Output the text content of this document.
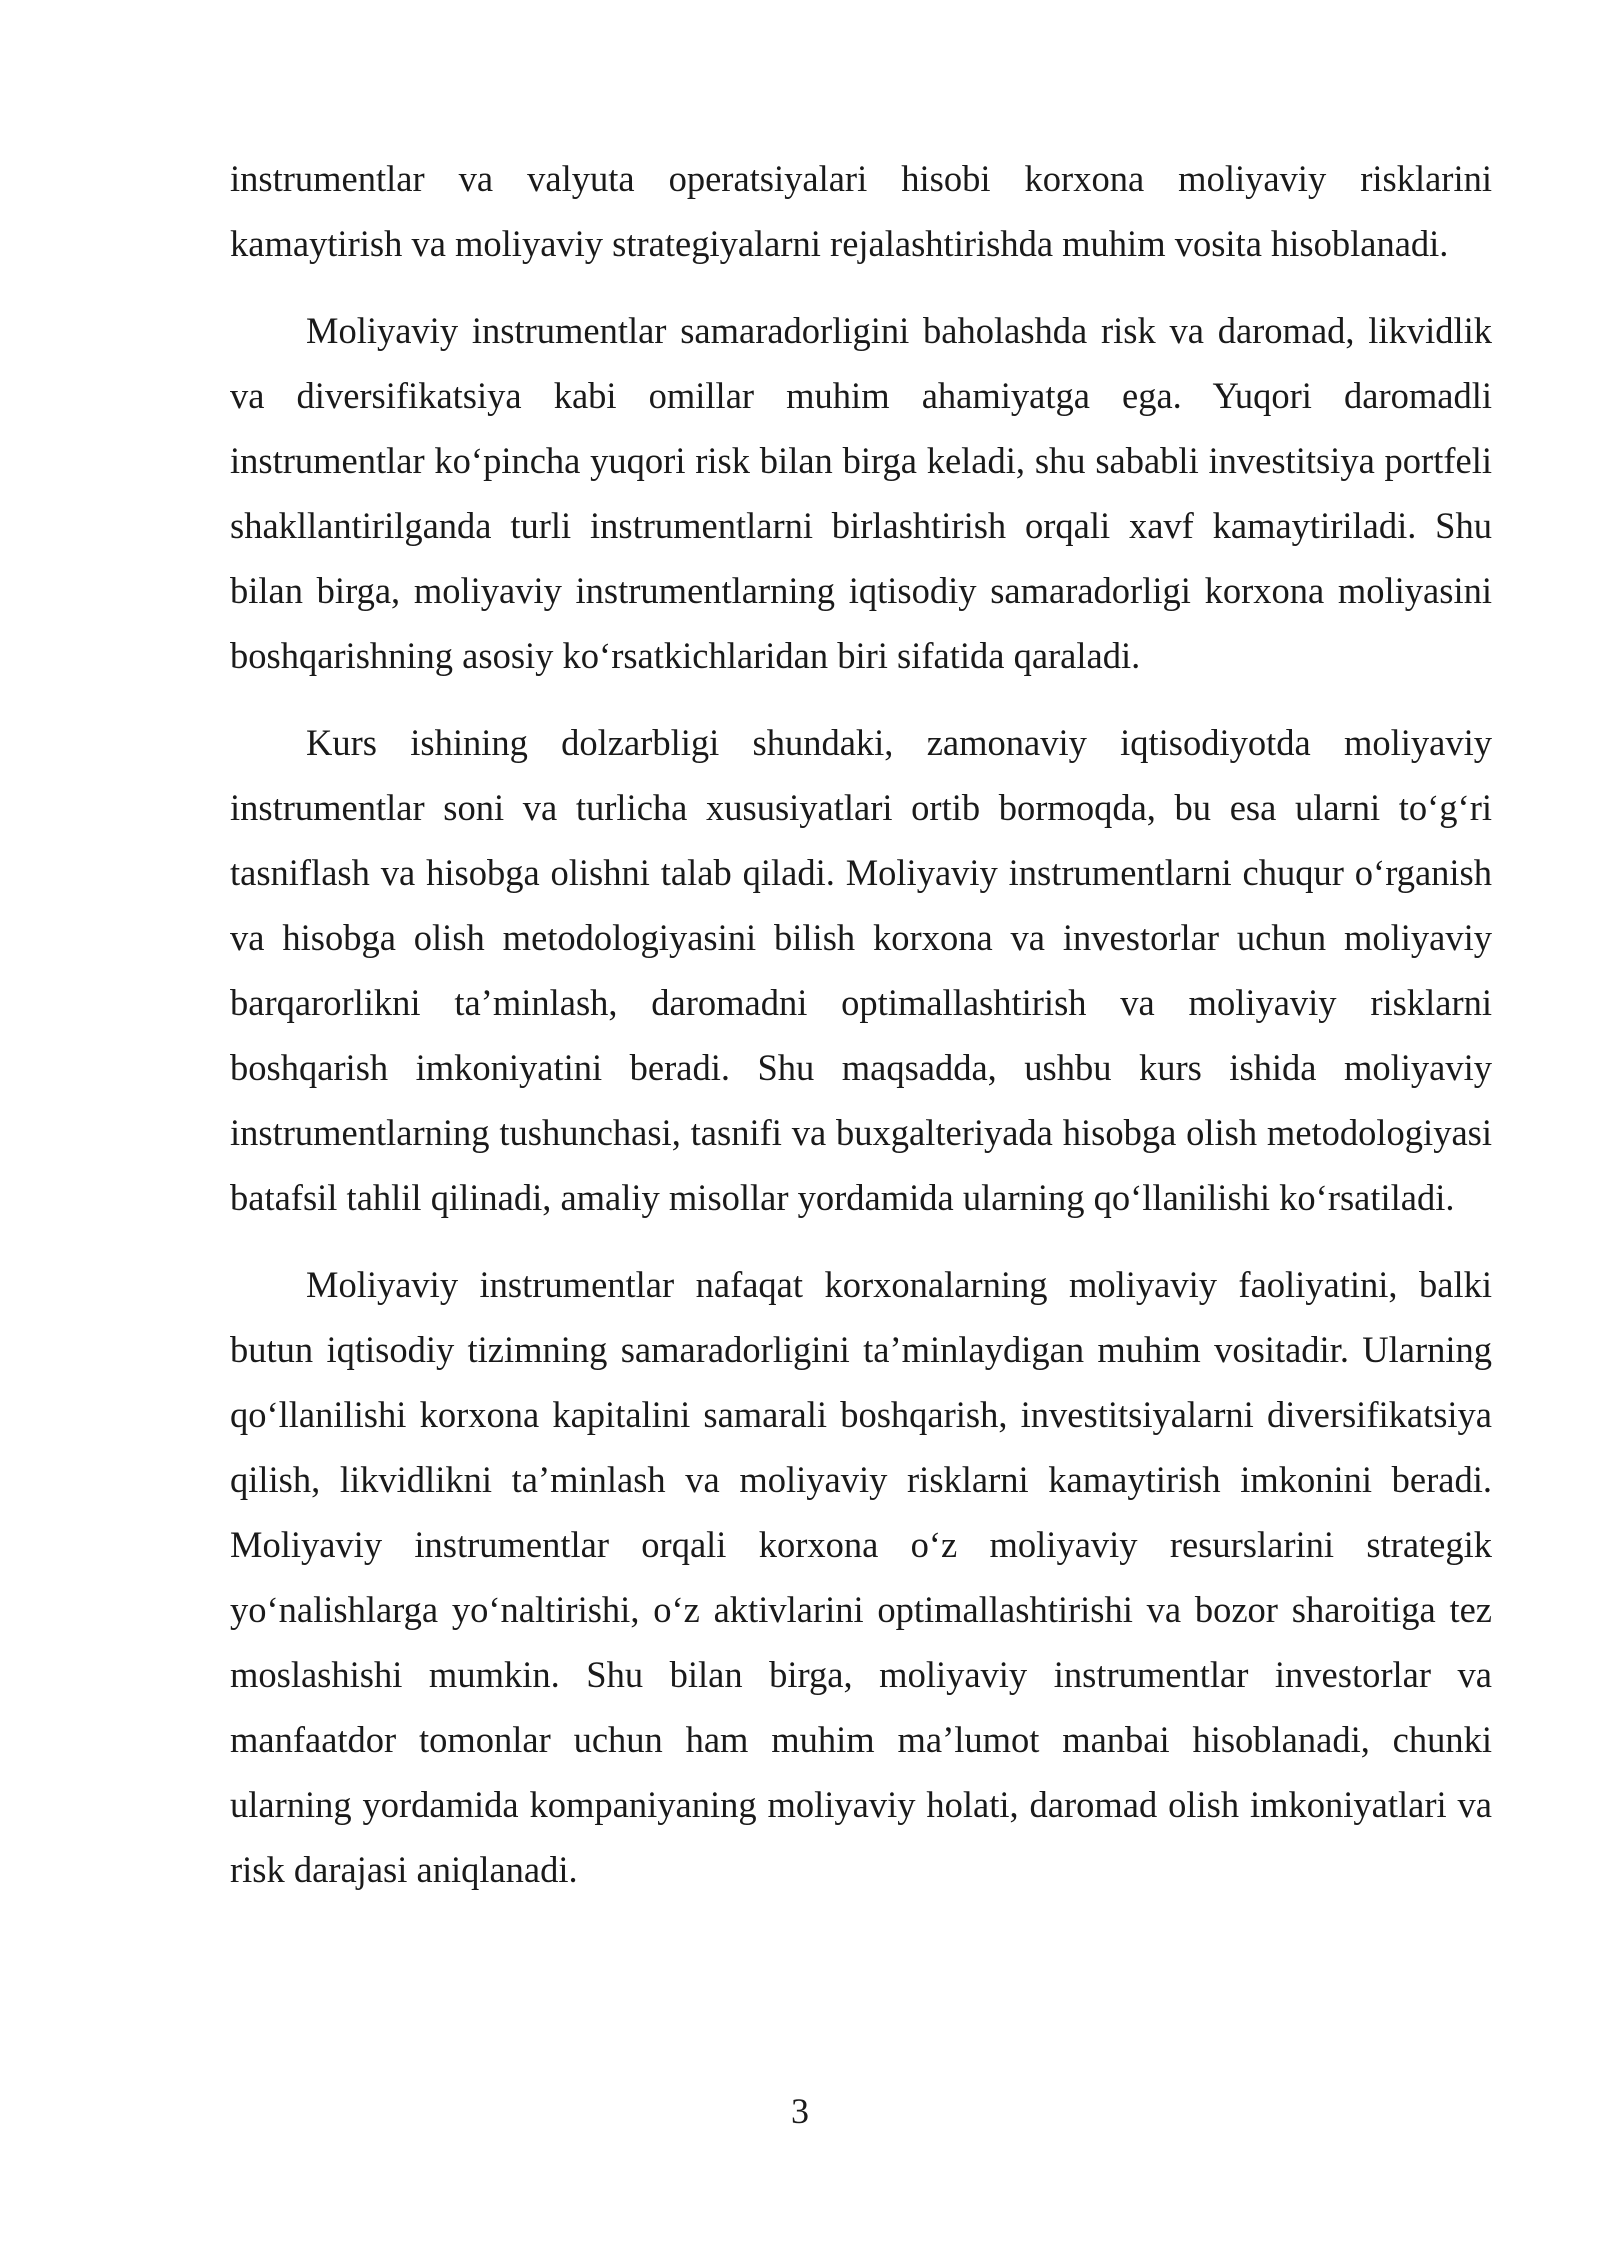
instrumentlar va valyuta operatsiyalari hisobi korxona moliyaviy risklarini kamaytirish va moliyaviy strategiyalarni rejalashtirishda muhim vosita hisoblanadi.

Moliyaviy instrumentlar samaradorligini baholashda risk va daromad, likvidlik va diversifikatsiya kabi omillar muhim ahamiyatga ega. Yuqori daromadli instrumentlar ko‘pincha yuqori risk bilan birga keladi, shu sababli investitsiya portfeli shakllantirilganda turli instrumentlarni birlashtirish orqali xavf kamaytiriladi. Shu bilan birga, moliyaviy instrumentlarning iqtisodiy samaradorligi korxona moliyasini boshqarishning asosiy ko‘rsatkichlaridan biri sifatida qaraladi.

Kurs ishining dolzarbligi shundaki, zamonaviy iqtisodiyotda moliyaviy instrumentlar soni va turlicha xususiyatlari ortib bormoqda, bu esa ularni to‘g‘ri tasniflash va hisobga olishni talab qiladi. Moliyaviy instrumentlarni chuqur o‘rganish va hisobga olish metodologiyasini bilish korxona va investorlar uchun moliyaviy barqarorlikni ta’minlash, daromadni optimallashtirish va moliyaviy risklarni boshqarish imkoniyatini beradi. Shu maqsadda, ushbu kurs ishida moliyaviy instrumentlarning tushunchasi, tasnifi va buxgalteriyada hisobga olish metodologiyasi batafsil tahlil qilinadi, amaliy misollar yordamida ularning qo‘llanilishi ko‘rsatiladi.

Moliyaviy instrumentlar nafaqat korxonalarning moliyaviy faoliyatini, balki butun iqtisodiy tizimning samaradorligini ta’minlaydigan muhim vositadir. Ularning qo‘llanilishi korxona kapitalini samarali boshqarish, investitsiyalarni diversifikatsiya qilish, likvidlikni ta’minlash va moliyaviy risklarni kamaytirish imkonini beradi. Moliyaviy instrumentlar orqali korxona o‘z moliyaviy resurslarini strategik yo‘nalishlarga yo‘naltirishi, o‘z aktivlarini optimallashtirishi va bozor sharoitiga tez moslashishi mumkin. Shu bilan birga, moliyaviy instrumentlar investorlar va manfaatdor tomonlar uchun ham muhim ma’lumot manbai hisoblanadi, chunki ularning yordamida kompaniyaning moliyaviy holati, daromad olish imkoniyatlari va risk darajasi aniqlanadi.

3
